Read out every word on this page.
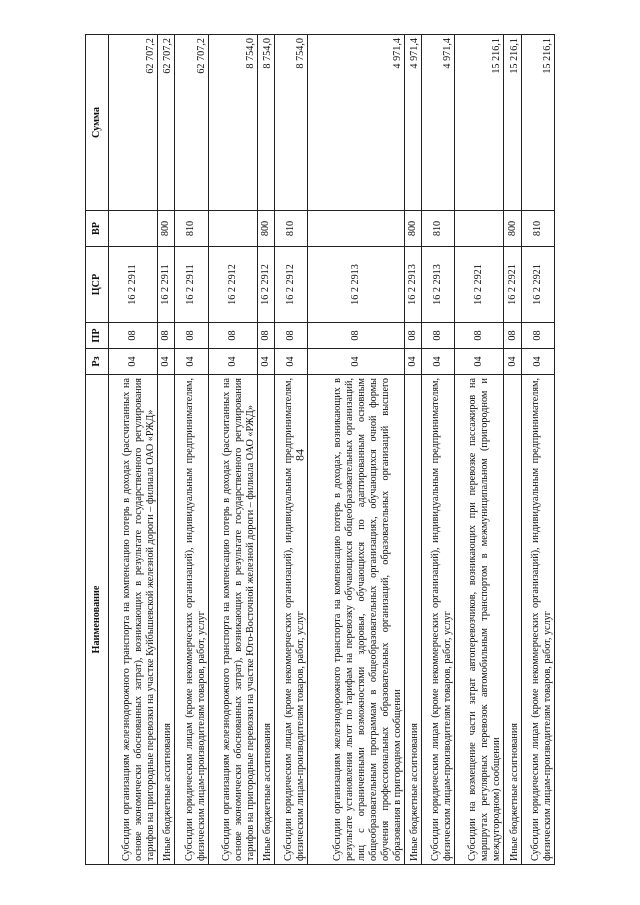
84
Наименование	Рз	ПР	ЦСР	ВР	Сумма
Субсидии организациям железнодорожного транспорта на компенсацию потерь в доходах (рассчитанных на основе экономически обоснованных затрат), возникающих в результате государственного регулирования тарифов на пригородные перевозки на участке Куйбышевской железной дороги – филиала ОАО «РЖД»	04	08	16 2 2911		62 707,2
Иные бюджетные ассигнования	04	08	16 2 2911	800	62 707,2
Субсидии юридическим лицам (кроме некоммерческих организаций), индивидуальным предпринимателям, физическим лицам-производителям товаров, работ, услуг	04	08	16 2 2911	810	62 707,2
Субсидии организациям железнодорожного транспорта на компенсацию потерь в доходах (рассчитанных на основе экономически обоснованных затрат), возникающих в результате государственного регулирования тарифов на пригородные перевозки на участке Юго-Восточной железной дороги – филиала ОАО «РЖД»	04	08	16 2 2912		8 754,0
Иные бюджетные ассигнования	04	08	16 2 2912	800	8 754,0
Субсидии юридическим лицам (кроме некоммерческих организаций), индивидуальным предпринимателям, физическим лицам-производителям товаров, работ, услуг	04	08	16 2 2912	810	8 754,0
Субсидии организациям железнодорожного транспорта на компенсацию потерь в доходах, возникающих в результате установления льгот по тарифам на перевозку обучающихся общеобразовательных организаций, лиц с ограниченными возможностями здоровья, обучающихся по адаптированным основным общеобразовательным программам в общеобразовательных организациях, обучающихся очной формы обучения профессиональных образовательных организаций, образовательных организаций высшего образования в пригородном сообщении	04	08	16 2 2913		4 971,4
Иные бюджетные ассигнования	04	08	16 2 2913	800	4 971,4
Субсидии юридическим лицам (кроме некоммерческих организаций), индивидуальным предпринимателям, физическим лицам-производителям товаров, работ, услуг	04	08	16 2 2913	810	4 971,4
Субсидии на возмещение части затрат автоперевозчиков, возникающих при перевозке пассажиров на маршрутах регулярных перевозок автомобильным транспортом в межмуниципальном (пригородном и междугородном) сообщении	04	08	16 2 2921		15 216,1
Иные бюджетные ассигнования	04	08	16 2 2921	800	15 216,1
Субсидии юридическим лицам (кроме некоммерческих организаций), индивидуальным предпринимателям, физическим лицам-производителям товаров, работ, услуг	04	08	16 2 2921	810	15 216,1
